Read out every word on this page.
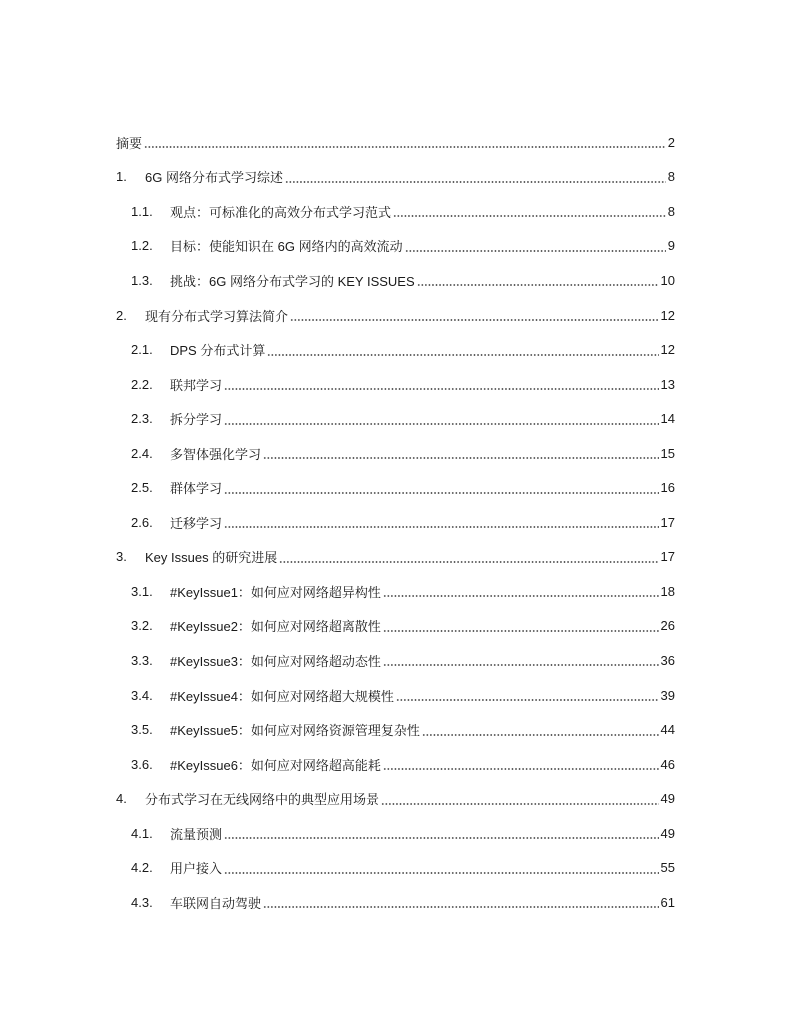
摘要	2
1.	6G 网络分布式学习综述	8
1.1.	观点：可标准化的高效分布式学习范式	8
1.2.	目标：使能知识在 6G 网络内的高效流动	9
1.3.	挑战：6G 网络分布式学习的 KEY ISSUES	10
2.	现有分布式学习算法简介	12
2.1.	DPS 分布式计算	12
2.2.	联邦学习	13
2.3.	拆分学习	14
2.4.	多智体强化学习	15
2.5.	群体学习	16
2.6.	迁移学习	17
3.	Key Issues 的研究进展	17
3.1.	#KeyIssue1：如何应对网络超异构性	18
3.2.	#KeyIssue2：如何应对网络超离散性	26
3.3.	#KeyIssue3：如何应对网络超动态性	36
3.4.	#KeyIssue4：如何应对网络超大规模性	39
3.5.	#KeyIssue5：如何应对网络资源管理复杂性	44
3.6.	#KeyIssue6：如何应对网络超高能耗	46
4.	分布式学习在无线网络中的典型应用场景	49
4.1.	流量预测	49
4.2.	用户接入	55
4.3.	车联网自动驾驶	61
